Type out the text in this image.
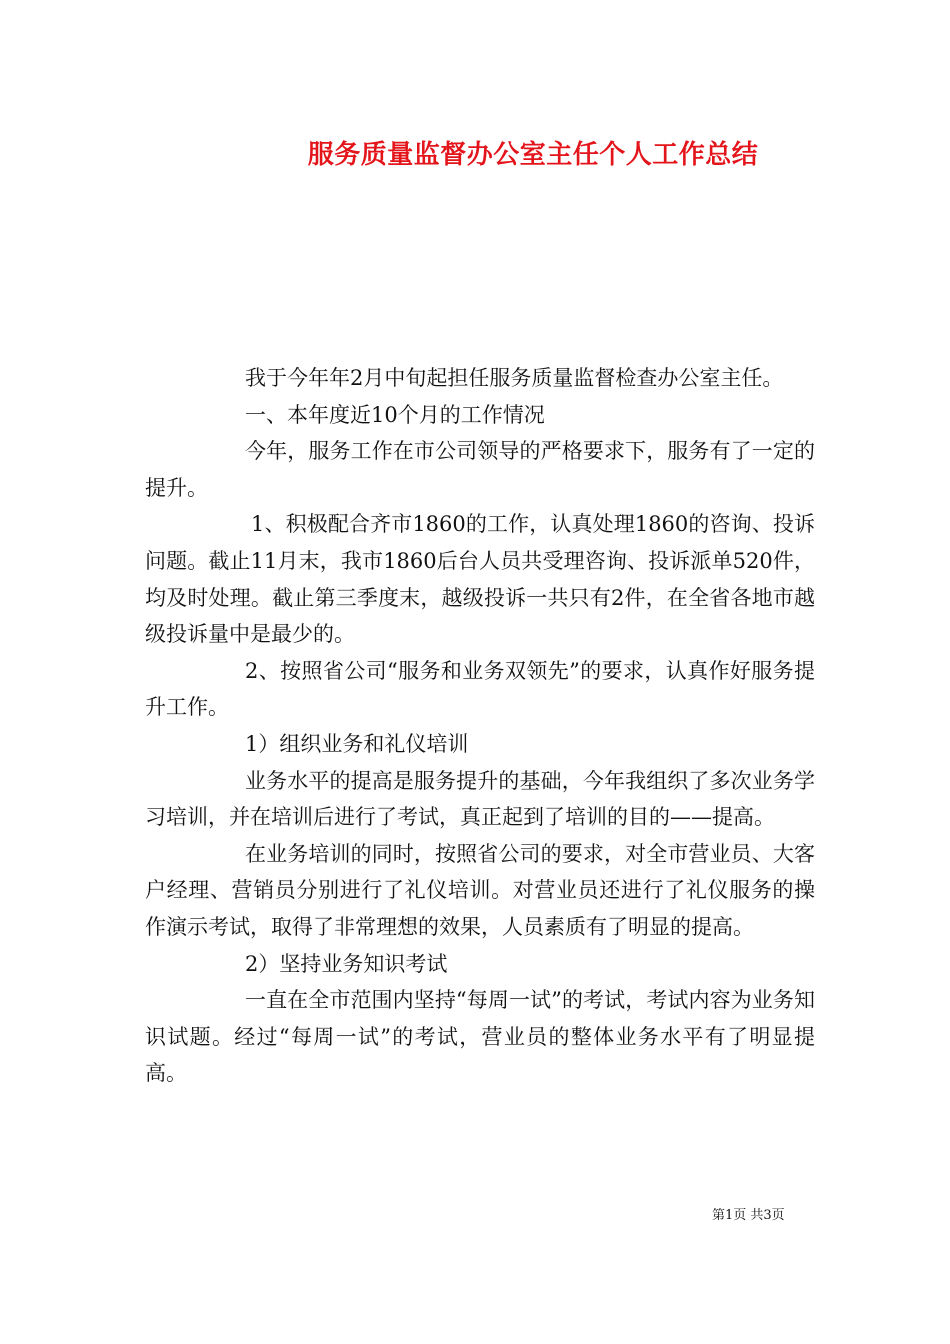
服务质量监督办公室主任个人工作总结

我于今年年2月中旬起担任服务质量监督检查办公室主任。

一、本年度近10个月的工作情况

今年，服务工作在市公司领导的严格要求下，服务有了一定的提升。

1、积极配合齐市1860的工作，认真处理1860的咨询、投诉问题。截止11月末，我市1860后台人员共受理咨询、投诉派单520件，均及时处理。截止第三季度末，越级投诉一共只有2件，在全省各地市越级投诉量中是最少的。

2、按照省公司“服务和业务双领先”的要求，认真作好服务提升工作。

1）组织业务和礼仪培训

业务水平的提高是服务提升的基础，今年我组织了多次业务学习培训，并在培训后进行了考试，真正起到了培训的目的——提高。

在业务培训的同时，按照省公司的要求，对全市营业员、大客户经理、营销员分别进行了礼仪培训。对营业员还进行了礼仪服务的操作演示考试，取得了非常理想的效果，人员素质有了明显的提高。

2）坚持业务知识考试

一直在全市范围内坚持“每周一试”的考试，考试内容为业务知识试题。经过“每周一试”的考试，营业员的整体业务水平有了明显提高。

第1页 共3页
